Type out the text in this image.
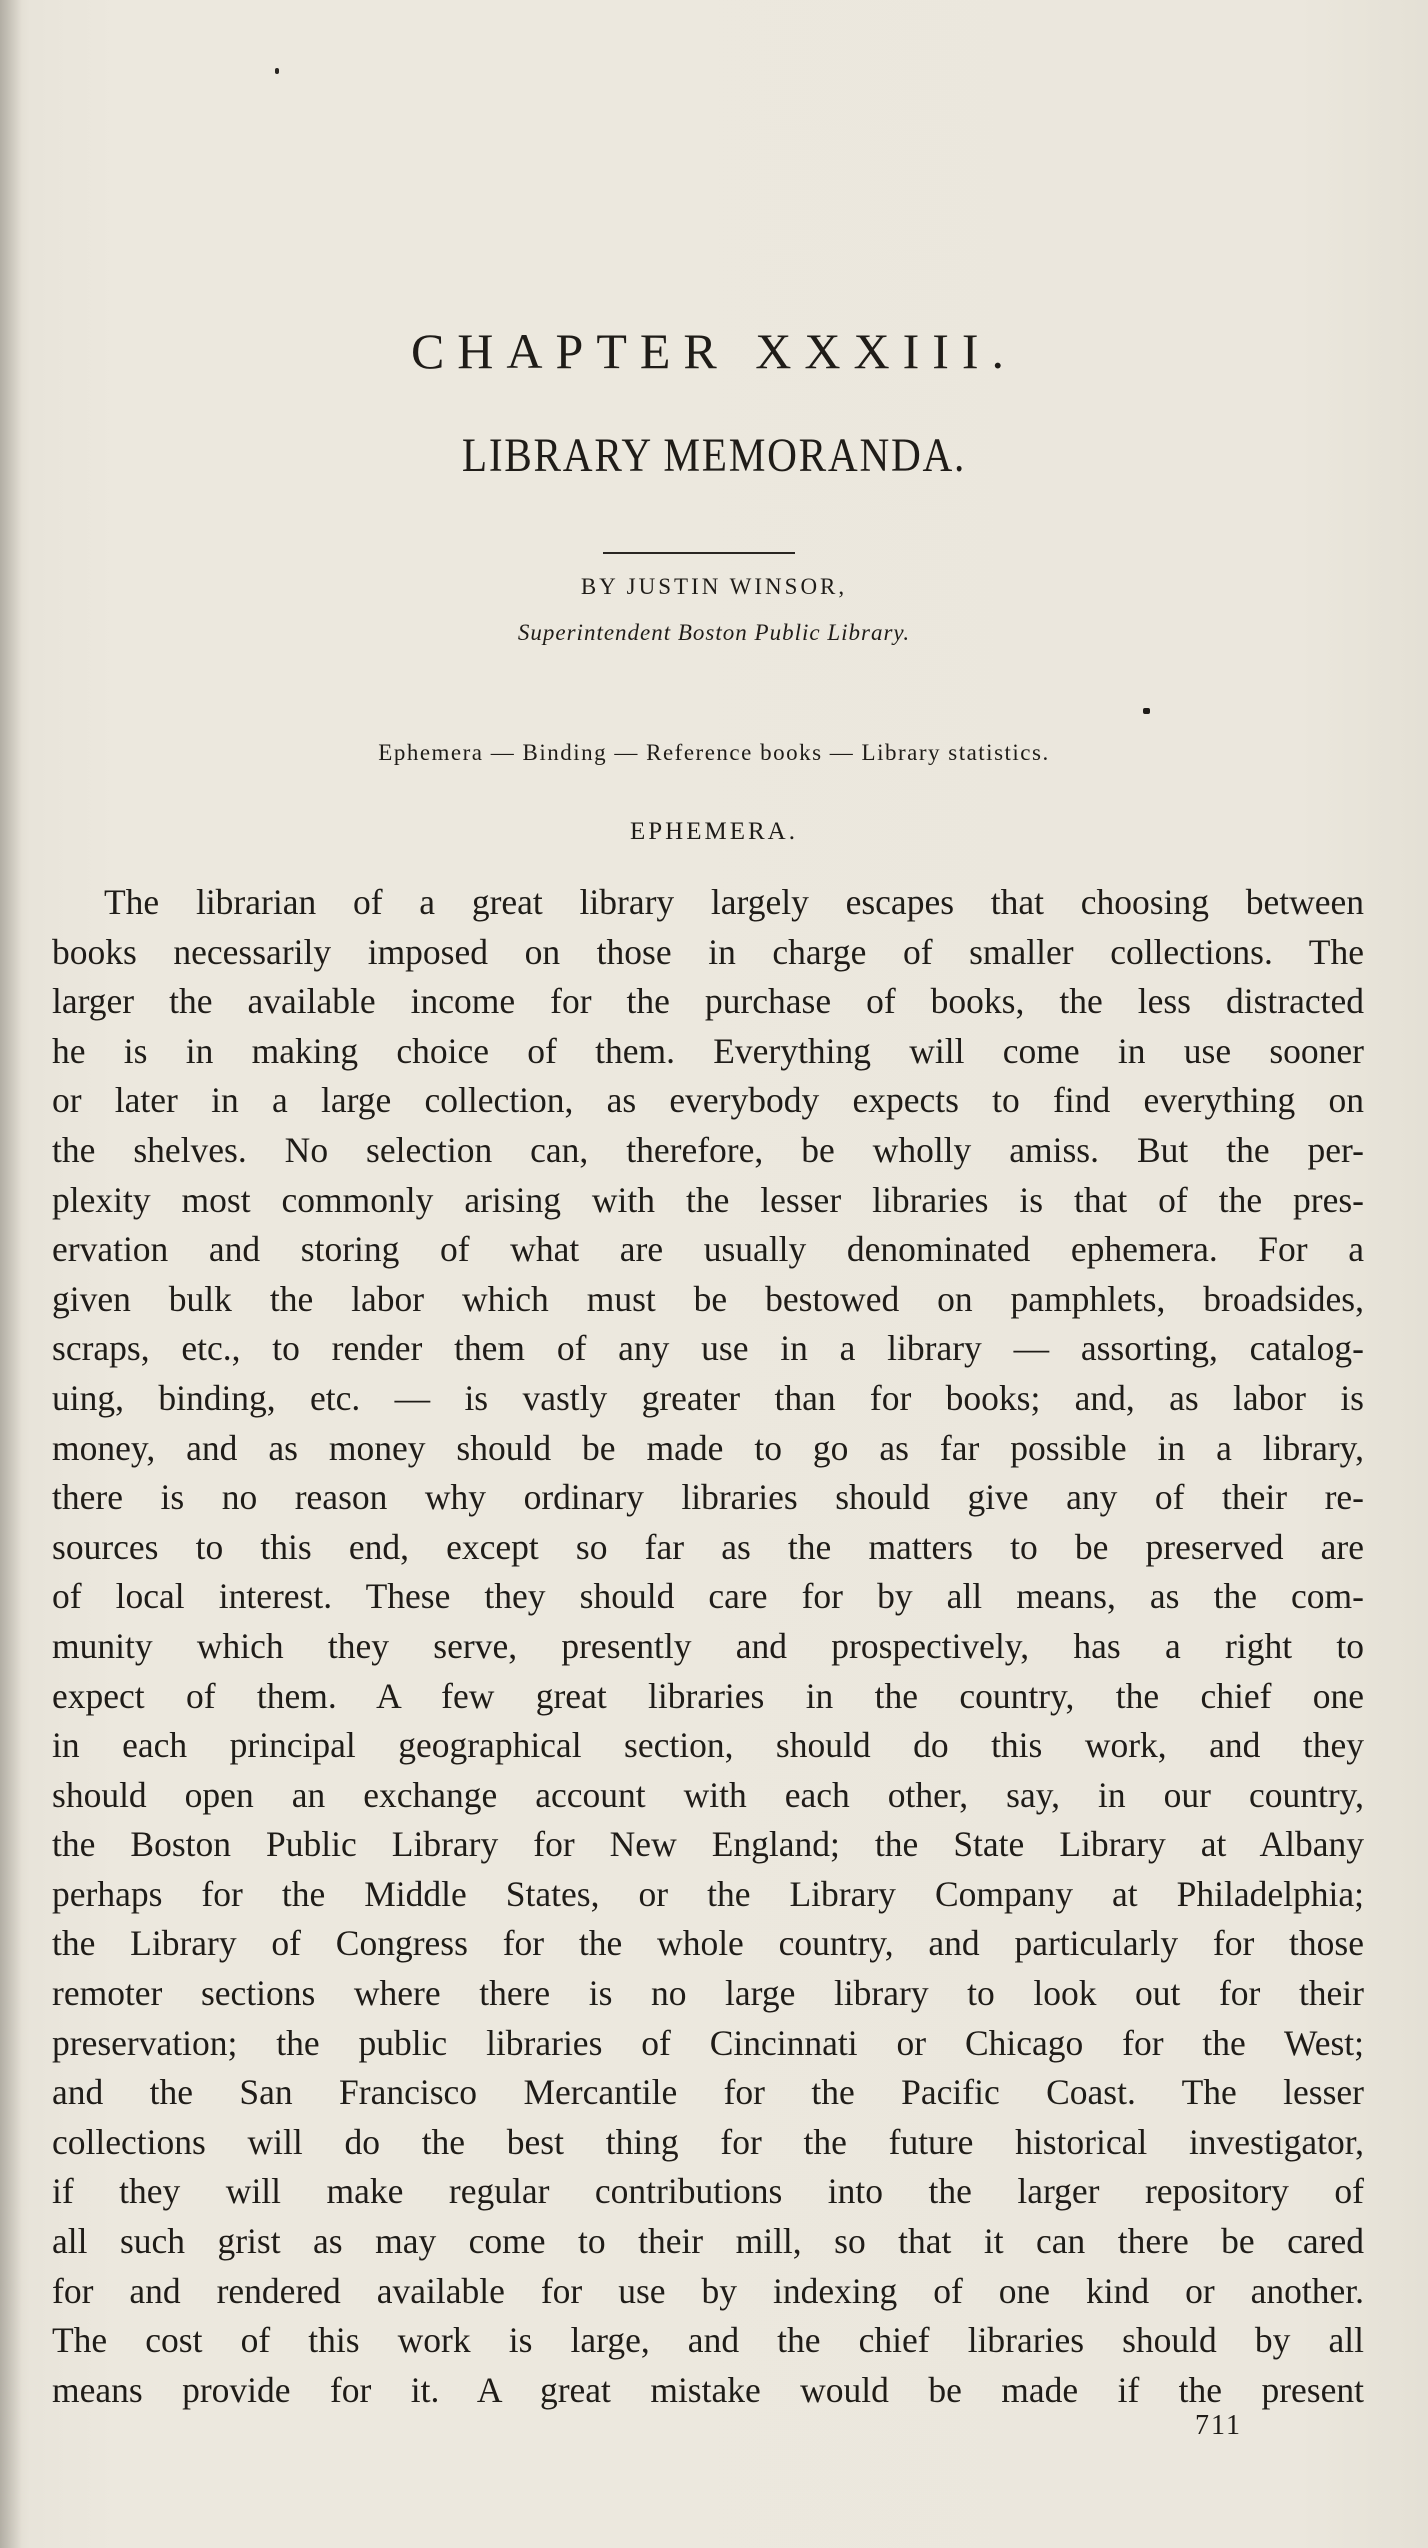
CHAPTER XXXIII.
LIBRARY MEMORANDA.
BY JUSTIN WINSOR,
Superintendent Boston Public Library.
Ephemera — Binding — Reference books — Library statistics.
EPHEMERA.
The librarian of a great library largely escapes that choosing between
books necessarily imposed on those in charge of smaller collections. The
larger the available income for the purchase of books, the less distracted
he is in making choice of them. Everything will come in use sooner
or later in a large collection, as everybody expects to find everything on
the shelves. No selection can, therefore, be wholly amiss. But the per-
plexity most commonly arising with the lesser libraries is that of the pres-
ervation and storing of what are usually denominated ephemera. For a
given bulk the labor which must be bestowed on pamphlets, broadsides,
scraps, etc., to render them of any use in a library — assorting, catalog-
uing, binding, etc. — is vastly greater than for books; and, as labor is
money, and as money should be made to go as far possible in a library,
there is no reason why ordinary libraries should give any of their re-
sources to this end, except so far as the matters to be preserved are
of local interest. These they should care for by all means, as the com-
munity which they serve, presently and prospectively, has a right to
expect of them. A few great libraries in the country, the chief one
in each principal geographical section, should do this work, and they
should open an exchange account with each other, say, in our country,
the Boston Public Library for New England; the State Library at Albany
perhaps for the Middle States, or the Library Company at Philadelphia;
the Library of Congress for the whole country, and particularly for those
remoter sections where there is no large library to look out for their
preservation; the public libraries of Cincinnati or Chicago for the West;
and the San Francisco Mercantile for the Pacific Coast. The lesser
collections will do the best thing for the future historical investigator,
if they will make regular contributions into the larger repository of
all such grist as may come to their mill, so that it can there be cared
for and rendered available for use by indexing of one kind or another.
The cost of this work is large, and the chief libraries should by all
means provide for it. A great mistake would be made if the present
711
